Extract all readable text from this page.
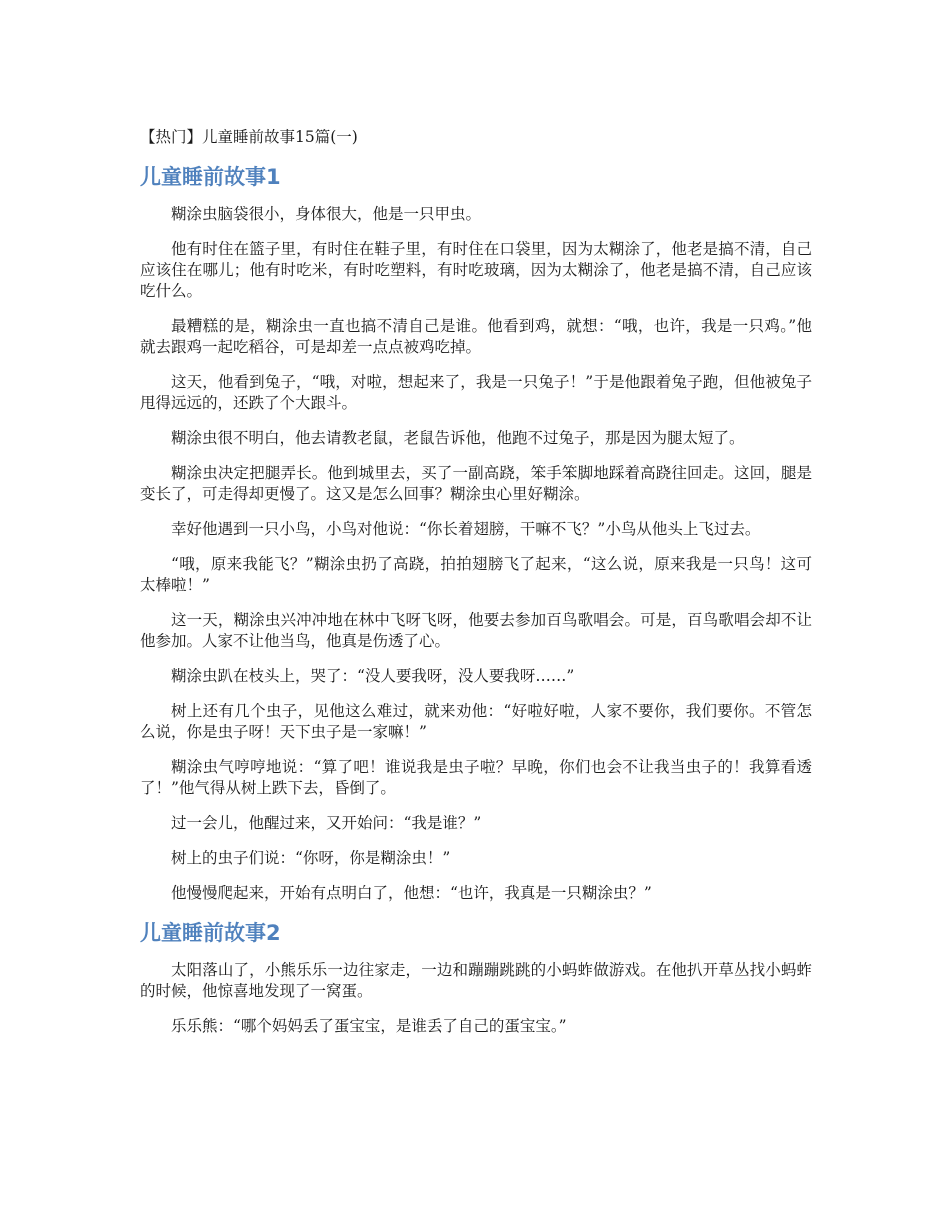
【热门】儿童睡前故事15篇(一)
儿童睡前故事1

糊涂虫脑袋很小，身体很大，他是一只甲虫。

他有时住在篮子里，有时住在鞋子里，有时住在口袋里，因为太糊涂了，他老是搞不清，自己应该住在哪儿；他有时吃米，有时吃塑料，有时吃玻璃，因为太糊涂了，他老是搞不清，自己应该吃什么。

最糟糕的是，糊涂虫一直也搞不清自己是谁。他看到鸡，就想：“哦，也许，我是一只鸡。”他就去跟鸡一起吃稻谷，可是却差一点点被鸡吃掉。

这天，他看到兔子，“哦，对啦，想起来了，我是一只兔子！”于是他跟着兔子跑，但他被兔子甩得远远的，还跌了个大跟斗。

糊涂虫很不明白，他去请教老鼠，老鼠告诉他，他跑不过兔子，那是因为腿太短了。

糊涂虫决定把腿弄长。他到城里去，买了一副高跷，笨手笨脚地踩着高跷往回走。这回，腿是变长了，可走得却更慢了。这又是怎么回事？糊涂虫心里好糊涂。

幸好他遇到一只小鸟，小鸟对他说：“你长着翅膀，干嘛不飞？”小鸟从他头上飞过去。

“哦，原来我能飞？”糊涂虫扔了高跷，拍拍翅膀飞了起来，“这么说，原来我是一只鸟！这可太棒啦！”

这一天，糊涂虫兴冲冲地在林中飞呀飞呀，他要去参加百鸟歌唱会。可是，百鸟歌唱会却不让他参加。人家不让他当鸟，他真是伤透了心。

糊涂虫趴在枝头上，哭了：“没人要我呀，没人要我呀……”

树上还有几个虫子，见他这么难过，就来劝他：“好啦好啦，人家不要你，我们要你。不管怎么说，你是虫子呀！天下虫子是一家嘛！”

糊涂虫气哼哼地说：“算了吧！谁说我是虫子啦？早晚，你们也会不让我当虫子的！我算看透了！”他气得从树上跌下去，昏倒了。

过一会儿，他醒过来，又开始问：“我是谁？”

树上的虫子们说：“你呀，你是糊涂虫！”

他慢慢爬起来，开始有点明白了，他想：“也许，我真是一只糊涂虫？”

儿童睡前故事2

太阳落山了，小熊乐乐一边往家走，一边和蹦蹦跳跳的小蚂蚱做游戏。在他扒开草丛找小蚂蚱的时候，他惊喜地发现了一窝蛋。

乐乐熊：“哪个妈妈丢了蛋宝宝，是谁丢了自己的蛋宝宝。”
